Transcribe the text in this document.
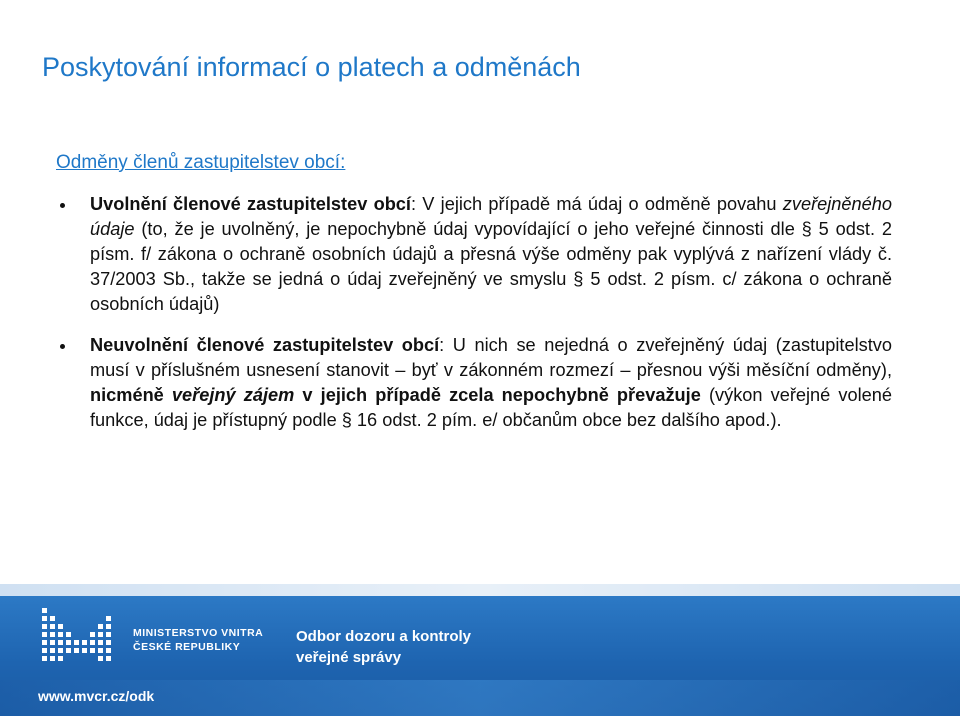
Poskytování informací o platech a odměnách
Odměny členů zastupitelstev obcí:
Uvolnění členové zastupitelstev obcí: V jejich případě má údaj o odměně povahu zveřejněného údaje (to, že je uvolněný, je nepochybně údaj vypovídající o jeho veřejné činnosti dle § 5 odst. 2 písm. f/ zákona o ochraně osobních údajů a přesná výše odměny pak vyplývá z nařízení vlády č. 37/2003 Sb., takže se jedná o údaj zveřejněný ve smyslu § 5 odst. 2 písm. c/ zákona o ochraně osobních údajů)
Neuvolnění členové zastupitelstev obcí: U nich se nejedná o zveřejněný údaj (zastupitelstvo musí v příslušném usnesení stanovit – byť v zákonném rozmezí – přesnou výši měsíční odměny), nicméně veřejný zájem v jejich případě zcela nepochybně převažuje (výkon veřejné volené funkce, údaj je přístupný podle § 16 odst. 2 pím. e/ občanům obce bez dalšího apod.).
MINISTERSTVO VNITRA
ČESKÉ REPUBLIKY
Odbor dozoru a kontroly
veřejné správy
www.mvcr.cz/odk
